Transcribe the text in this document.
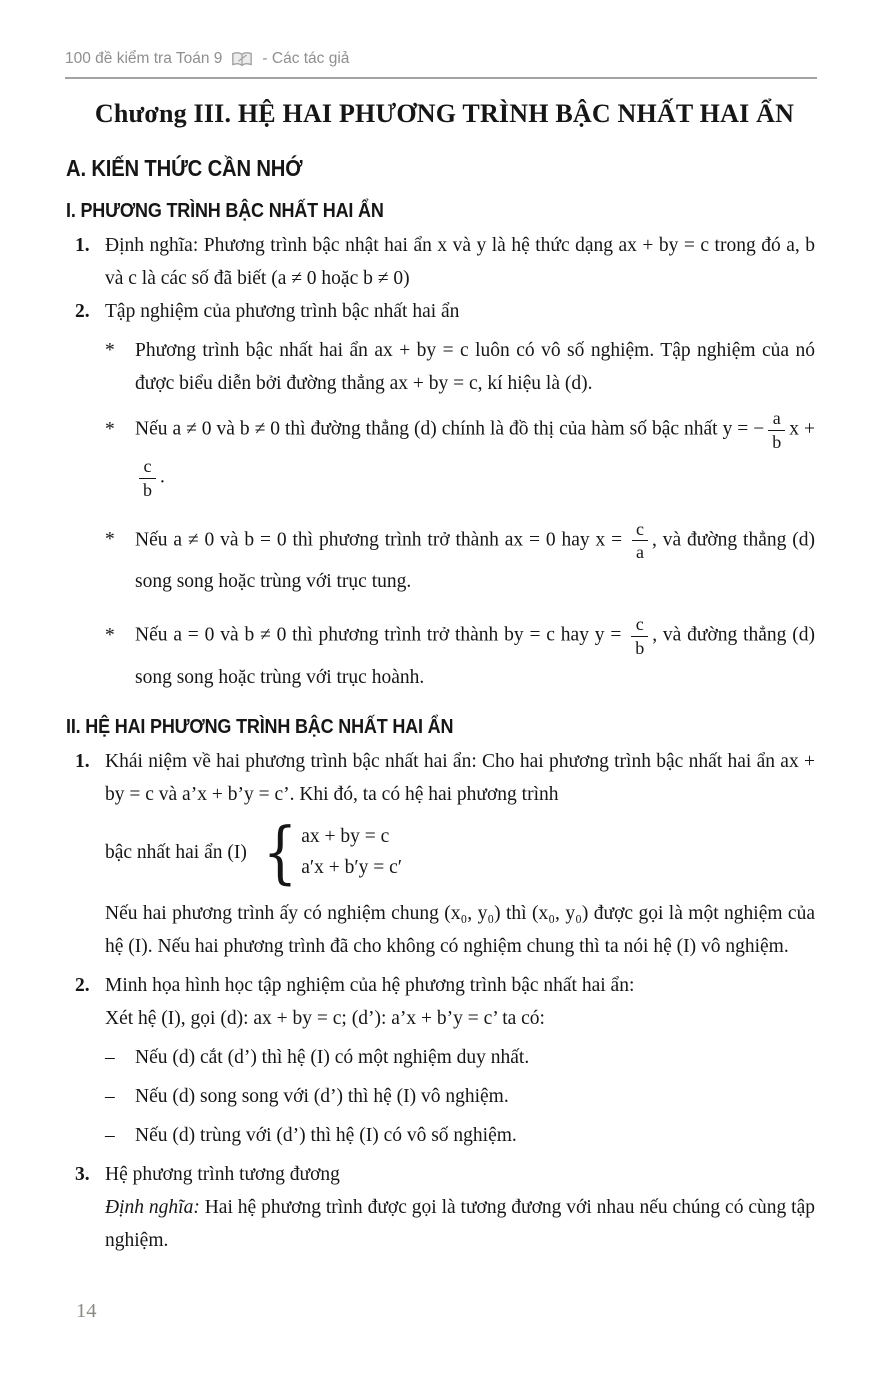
100 đề kiểm tra Toán 9	- Các tác giả
Chương III. HỆ HAI PHƯƠNG TRÌNH BẬC NHẤT HAI ẨN
A. KIẾN THỨC CẦN NHỚ
I. PHƯƠNG TRÌNH BẬC NHẤT HAI ẨN
1. Định nghĩa: Phương trình bậc nhật hai ẩn x và y là hệ thức dạng ax + by = c trong đó a, b và c là các số đã biết (a ≠ 0 hoặc b ≠ 0)
2. Tập nghiệm của phương trình bậc nhất hai ẩn
* Phương trình bậc nhất hai ẩn ax + by = c luôn có vô số nghiệm. Tập nghiệm của nó được biểu diễn bởi đường thẳng ax + by = c, kí hiệu là (d).
* Nếu a ≠ 0 và b ≠ 0 thì đường thẳng (d) chính là đồ thị của hàm số bậc nhất y = − $\frac{a}{b}$ x +
$\frac{c}{b}$ .
* Nếu a ≠ 0 và b = 0 thì phương trình trở thành ax = 0 hay $x = \frac{c}{a}$ , và đường thẳng (d) song song hoặc trùng với trục tung.
* Nếu a = 0 và b ≠ 0 thì phương trình trở thành by = c hay $y = \frac{c}{b}$ , và đường thẳng (d) song song hoặc trùng với trục hoành.
II. HỆ HAI PHƯƠNG TRÌNH BẬC NHẤT HAI ẨN
1. Khái niệm về hai phương trình bậc nhất hai ẩn: Cho hai phương trình bậc nhất hai ẩn ax + by = c và a’x + b’y = c’. Khi đó, ta có hệ hai phương trình
bậc nhất hai ẩn (I) { ax + by = c
a′x + b′y = c′
Nếu hai phương trình ấy có nghiệm chung (x₀, y₀) thì (x₀, y₀) được gọi là một nghiệm của hệ (I). Nếu hai phương trình đã cho không có nghiệm chung thì ta nói hệ (I) vô nghiệm.
2. Minh họa hình học tập nghiệm của hệ phương trình bậc nhất hai ẩn:
Xét hệ (I), gọi (d): ax + by = c; (d’): a’x + b’y = c’ ta có:
– Nếu (d) cắt (d’) thì hệ (I) có một nghiệm duy nhất.
– Nếu (d) song song với (d’) thì hệ (I) vô nghiệm.
– Nếu (d) trùng với (d’) thì hệ (I) có vô số nghiệm.
3. Hệ phương trình tương đương
Định nghĩa: Hai hệ phương trình được gọi là tương đương với nhau nếu chúng có cùng tập nghiệm.
14
